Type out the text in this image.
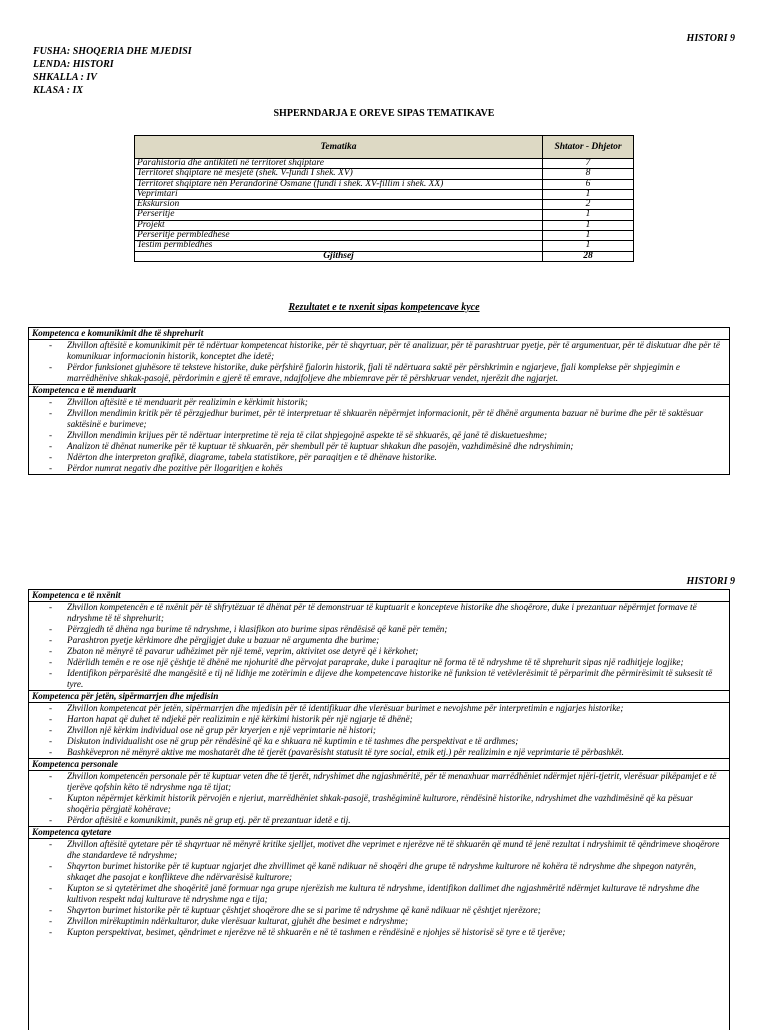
HISTORI 9
FUSHA: SHOQERIA DHE MJEDISI
LENDA: HISTORI
SHKALLA : IV
KLASA : IX
SHPERNDARJA E OREVE SIPAS TEMATIKAVE
Tematika	Shtator - Dhjetor
Parahistoria dhe antikiteti në territoret shqiptare	7
Territoret shqiptare në mesjetë (shek. V-fundi I shek. XV)	8
Territoret shqiptare nën Perandorinë Osmane (fundi i shek. XV-fillim i shek. XX)	6
Veprimtari	1
Ekskursion	2
Perseritje	1
Projekt	1
Perseritje permbledhese	1
Testim permbledhes	1
Gjithsej	28
Rezultatet e te nxenit sipas kompetencave kyce
Kompetenca e komunikimit dhe të shprehurit
- Zhvillon aftësitë e komunikimit për të ndërtuar kompetencat historike, për të shqyrtuar, për të analizuar, për të parashtruar pyetje, për të argumentuar, për të diskutuar dhe për të komunikuar informacionin historik, konceptet dhe idetë;
- Përdor funksionet gjuhësore të teksteve historike, duke përfshirë fjalorin historik, fjali të ndërtuara saktë për përshkrimin e ngjarjeve, fjali komplekse për shpjegimin e marrëdhënive shkak-pasojë, përdorimin e gjerë të emrave, ndajfoljeve dhe mbiemrave për të përshkruar vendet, njerëzit dhe ngjarjet.
Kompetenca e të menduarit
- Zhvillon aftësitë e të menduarit për realizimin e kërkimit historik;
- Zhvillon mendimin kritik për të përzgjedhur burimet, për të interpretuar të shkuarën nëpërmjet informacionit, për të dhënë argumenta bazuar në burime dhe për të saktësuar saktësinë e burimeve;
- Zhvillon mendimin krijues për të ndërtuar interpretime të reja të cilat shpjegojnë aspekte të së shkuarës, që janë të diskuetueshme;
- Analizon të dhënat numerike për të kuptuar të shkuarën, për shembull për të kuptuar shkakun dhe pasojën, vazhdimësinë dhe ndryshimin;
- Ndërton dhe interpreton grafikë, diagrame, tabela statistikore, për paraqitjen e të dhënave historike.
- Përdor numrat negativ dhe pozitive për llogaritjen e kohës
HISTORI 9
Kompetenca e të nxënit
- Zhvillon kompetencën e të nxënit për të shfrytëzuar të dhënat për të demonstruar të kuptuarit e koncepteve historike dhe shoqërore, duke i prezantuar nëpërmjet formave të ndryshme të të shprehurit;
- Përzgjedh të dhëna nga burime të ndryshme, i klasifikon ato burime sipas rëndësisë që kanë për temën;
- Parashtron pyetje kërkimore dhe përgjigjet duke u bazuar në argumenta dhe burime;
- Zbaton në mënyrë të pavarur udhëzimet për një temë, veprim, aktivitet ose detyrë që i kërkohet;
- Ndërlidh temën e re ose një çështje të dhënë me njohuritë dhe përvojat paraprake, duke i paraqitur në forma të të ndryshme të të shprehurit sipas një radhitjeje logjike;
- Identifikon përparësitë dhe mangësitë e tij në lidhje me zotërimin e dijeve dhe kompetencave historike në funksion të vetëvlerësimit të përparimit dhe përmirësimit të suksesit të tyre.
Kompetenca për jetën, sipërmarrjen dhe mjedisin
- Zhvillon kompetencat për jetën, sipërmarrjen dhe mjedisin për të identifikuar dhe vlerësuar burimet e nevojshme për interpretimin e ngjarjes historike;
- Harton hapat që duhet të ndjekë për realizimin e një kërkimi historik për një ngjarje të dhënë;
- Zhvillon një kërkim individual ose në grup për kryerjen e një veprimtarie në histori;
- Diskuton individualisht ose në grup për rëndësinë që ka e shkuara në kuptimin e të tashmes dhe perspektivat e të ardhmes;
- Bashkëvepron në mënyrë aktive me moshatarët dhe të tjerët (pavarësisht statusit të tyre social, etnik etj.) për realizimin e një veprimtarie të përbashkët.
Kompetenca personale
- Zhvillon kompetencën personale për të kuptuar veten dhe të tjerët, ndryshimet dhe ngjashmëritë, për të menaxhuar marrëdhëniet ndërmjet njëri-tjetrit, vlerësuar pikëpamjet e të tjerëve qofshin këto të ndryshme nga të tijat;
- Kupton nëpërmjet kërkimit historik përvojën e njeriut, marrëdhëniet shkak-pasojë, trashëgiminë kulturore, rëndësinë historike, ndryshimet dhe vazhdimësinë që ka pësuar shoqëria përgjatë kohërave;
- Përdor aftësitë e komunikimit, punës në grup etj. për të prezantuar idetë e tij.
Kompetenca qytetare
- Zhvillon aftësitë qytetare për të shqyrtuar në mënyrë kritike sjelljet, motivet dhe veprimet e njerëzve në të shkuarën që mund të jenë rezultat i ndryshimit të qëndrimeve shoqërore dhe standardeve të ndryshme;
- Shqyrton burimet historike për të kuptuar ngjarjet dhe zhvillimet që kanë ndikuar në shoqëri dhe grupe të ndryshme kulturore në kohëra të ndryshme dhe shpegon natyrën, shkaqet dhe pasojat e konflikteve dhe ndërvarësisë kulturore;
- Kupton se si qytetërimet dhe shoqëritë janë formuar nga grupe njerëzish me kultura të ndryshme, identifikon dallimet dhe ngjashmëritë ndërmjet kulturave të ndryshme dhe kultivon respekt ndaj kulturave të ndryshme nga e tija;
- Shqyrton burimet historike për të kuptuar çështjet shoqërore dhe se si parime të ndryshme që kanë ndikuar në çështjet njerëzore;
- Zhvillon mirëkuptimin ndërkulturor, duke vlerësuar kulturat, gjuhët dhe besimet e ndryshme;
- Kupton perspektivat, besimet, qëndrimet e njerëzve në të shkuarën e në të tashmen e rëndësinë e njohjes së historisë së tyre e të tjerëve;
